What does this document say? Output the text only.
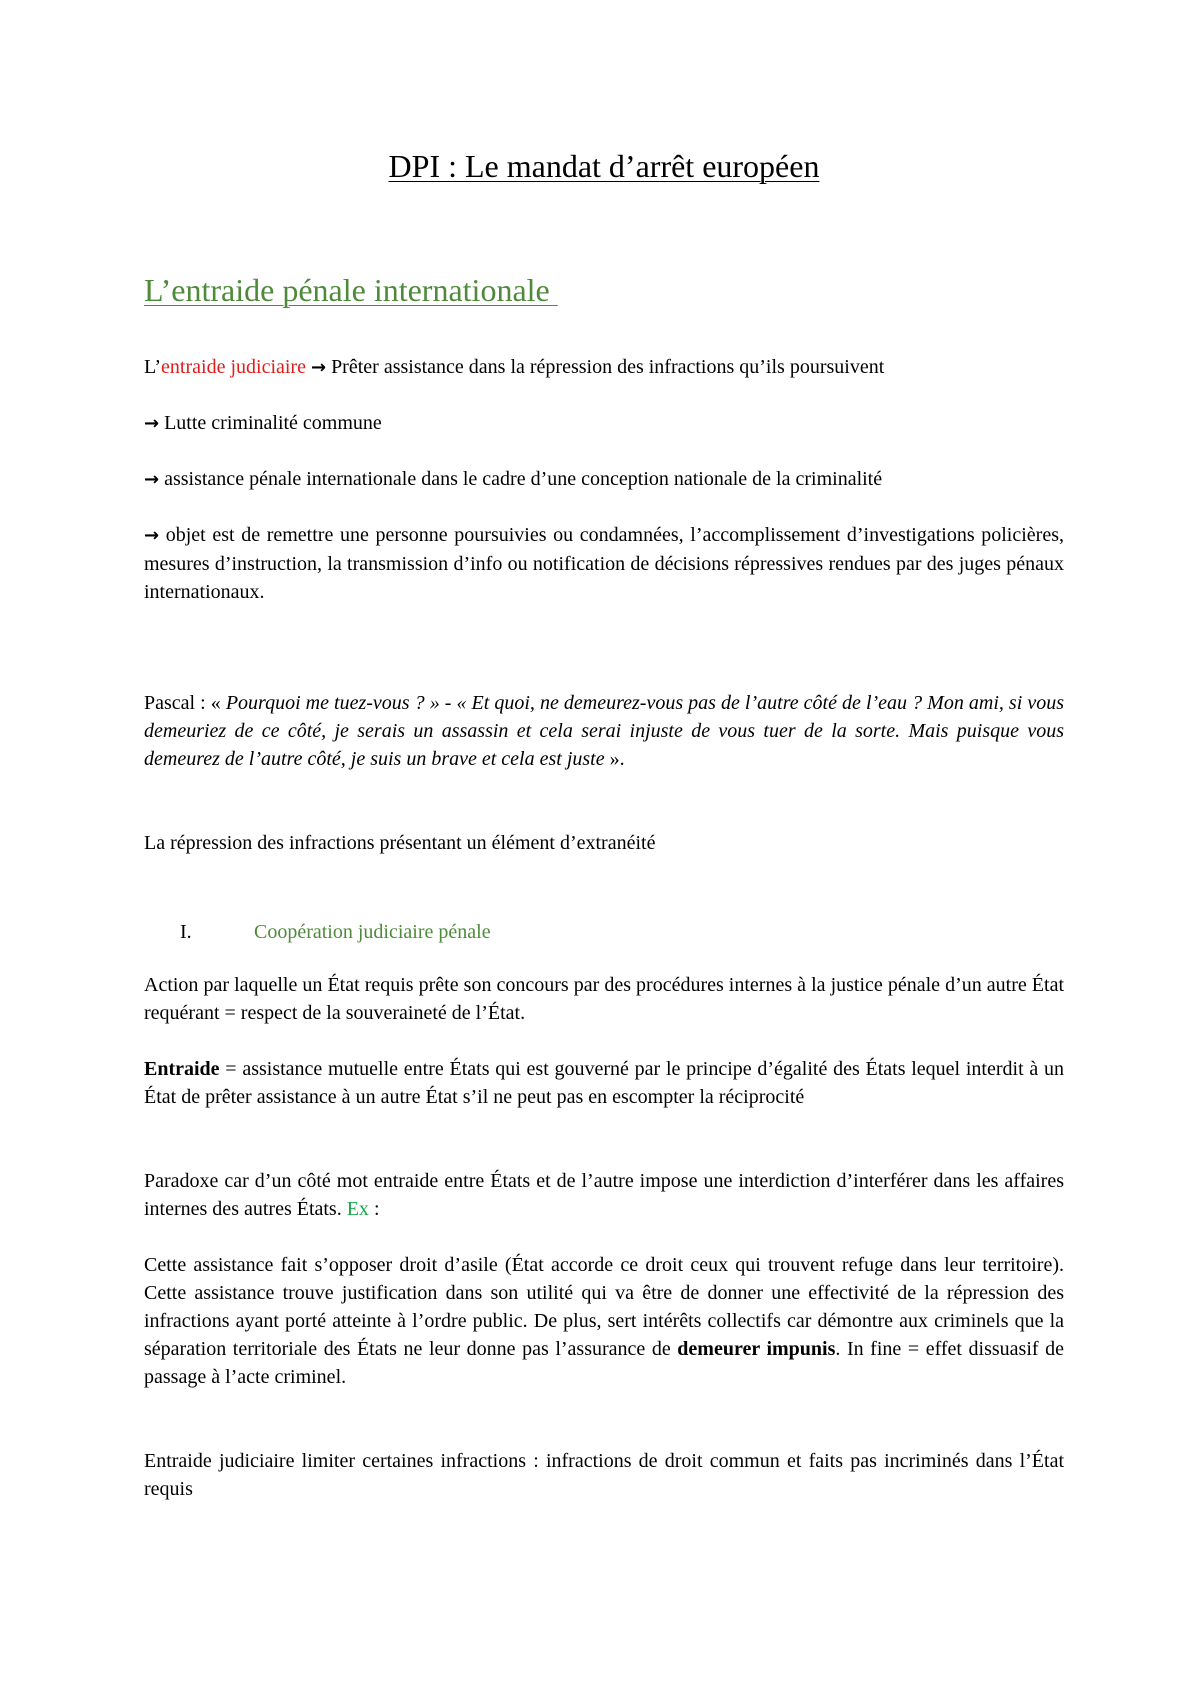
DPI : Le mandat d’arrêt européen
L’entraide pénale internationale

L’entraide judiciaire → Prêter assistance dans la répression des infractions qu’ils poursuivent

→ Lutte criminalité commune

→ assistance pénale internationale dans le cadre d’une conception nationale de la criminalité

→ objet est de remettre une personne poursuivies ou condamnées, l’accomplissement d’investigations policières, mesures d’instruction, la transmission d’info ou notification de décisions répressives rendues par des juges pénaux internationaux.

Pascal : « Pourquoi me tuez-vous ? » - « Et quoi, ne demeurez-vous pas de l’autre côté de l’eau ? Mon ami, si vous demeuriez de ce côté, je serais un assassin et cela serai injuste de vous tuer de la sorte. Mais puisque vous demeurez de l’autre côté, je suis un brave et cela est juste ».

La répression des infractions présentant un élément d’extranéité

I.	Coopération judiciaire pénale

Action par laquelle un État requis prête son concours par des procédures internes à la justice pénale d’un autre État requérant = respect de la souveraineté de l’État.

Entraide = assistance mutuelle entre États qui est gouverné par le principe d’égalité des États lequel interdit à un État de prêter assistance à un autre État s’il ne peut pas en escompter la réciprocité

Paradoxe car d’un côté mot entraide entre États et de l’autre impose une interdiction d’interférer dans les affaires internes des autres États. Ex :

Cette assistance fait s’opposer droit d’asile (État accorde ce droit ceux qui trouvent refuge dans leur territoire). Cette assistance trouve justification dans son utilité qui va être de donner une effectivité de la répression des infractions ayant porté atteinte à l’ordre public. De plus, sert intérêts collectifs car démontre aux criminels que la séparation territoriale des États ne leur donne pas l’assurance de demeurer impunis. In fine = effet dissuasif de passage à l’acte criminel.

Entraide judiciaire limiter certaines infractions : infractions de droit commun et faits pas incriminés dans l’État requis
